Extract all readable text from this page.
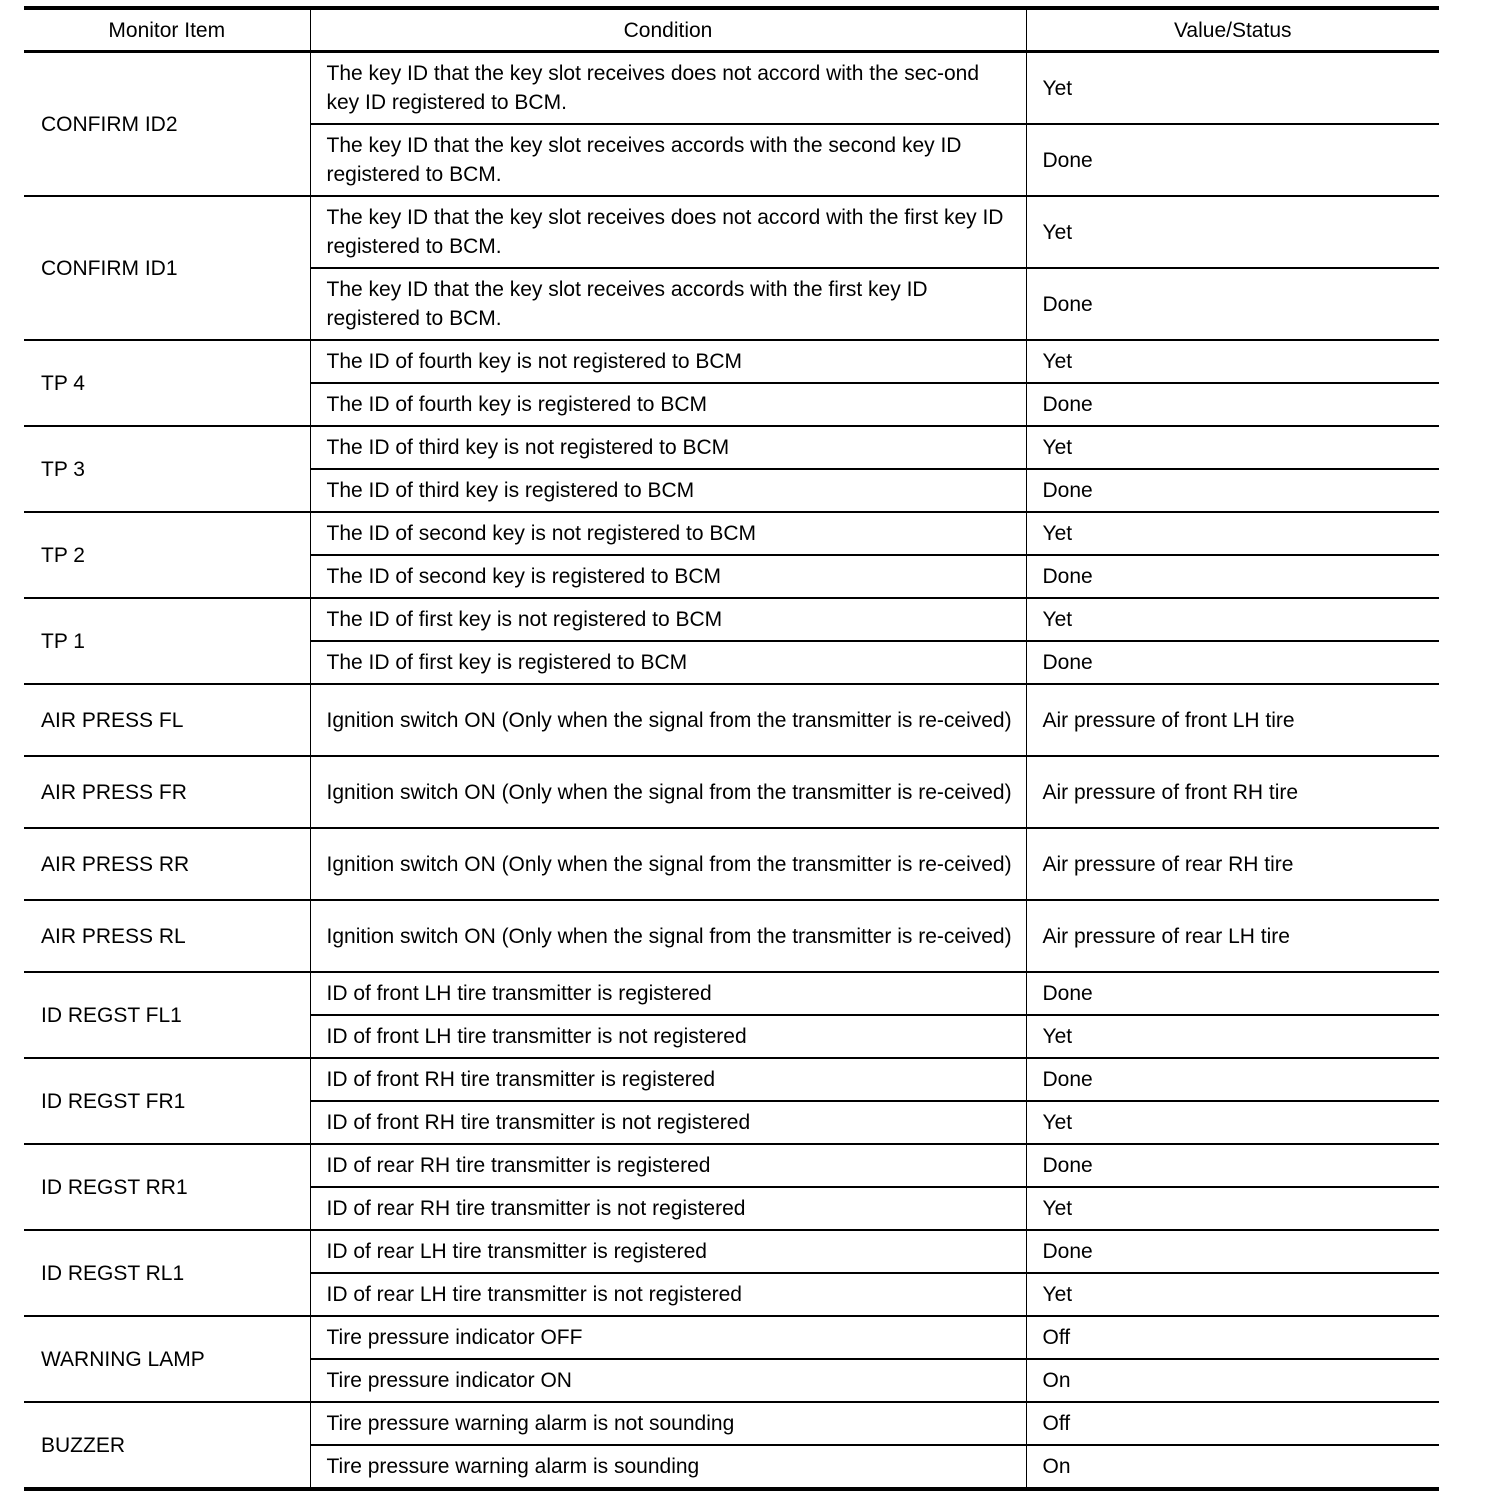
Monitor Item	Condition	Value/Status
CONFIRM ID2	The key ID that the key slot receives does not accord with the sec-ond key ID registered to BCM.	Yet
	The key ID that the key slot receives accords with the second key ID registered to BCM.	Done
CONFIRM ID1	The key ID that the key slot receives does not accord with the first key ID registered to BCM.	Yet
	The key ID that the key slot receives accords with the first key ID registered to BCM.	Done
TP 4	The ID of fourth key is not registered to BCM	Yet
	The ID of fourth key is registered to BCM	Done
TP 3	The ID of third key is not registered to BCM	Yet
	The ID of third key is registered to BCM	Done
TP 2	The ID of second key is not registered to BCM	Yet
	The ID of second key is registered to BCM	Done
TP 1	The ID of first key is not registered to BCM	Yet
	The ID of first key is registered to BCM	Done
AIR PRESS FL	Ignition switch ON (Only when the signal from the transmitter is re-ceived)	Air pressure of front LH tire
AIR PRESS FR	Ignition switch ON (Only when the signal from the transmitter is re-ceived)	Air pressure of front RH tire
AIR PRESS RR	Ignition switch ON (Only when the signal from the transmitter is re-ceived)	Air pressure of rear RH tire
AIR PRESS RL	Ignition switch ON (Only when the signal from the transmitter is re-ceived)	Air pressure of rear LH tire
ID REGST FL1	ID of front LH tire transmitter is registered	Done
	ID of front LH tire transmitter is not registered	Yet
ID REGST FR1	ID of front RH tire transmitter is registered	Done
	ID of front RH tire transmitter is not registered	Yet
ID REGST RR1	ID of rear RH tire transmitter is registered	Done
	ID of rear RH tire transmitter is not registered	Yet
ID REGST RL1	ID of rear LH tire transmitter is registered	Done
	ID of rear LH tire transmitter is not registered	Yet
WARNING LAMP	Tire pressure indicator OFF	Off
	Tire pressure indicator ON	On
BUZZER	Tire pressure warning alarm is not sounding	Off
	Tire pressure warning alarm is sounding	On
